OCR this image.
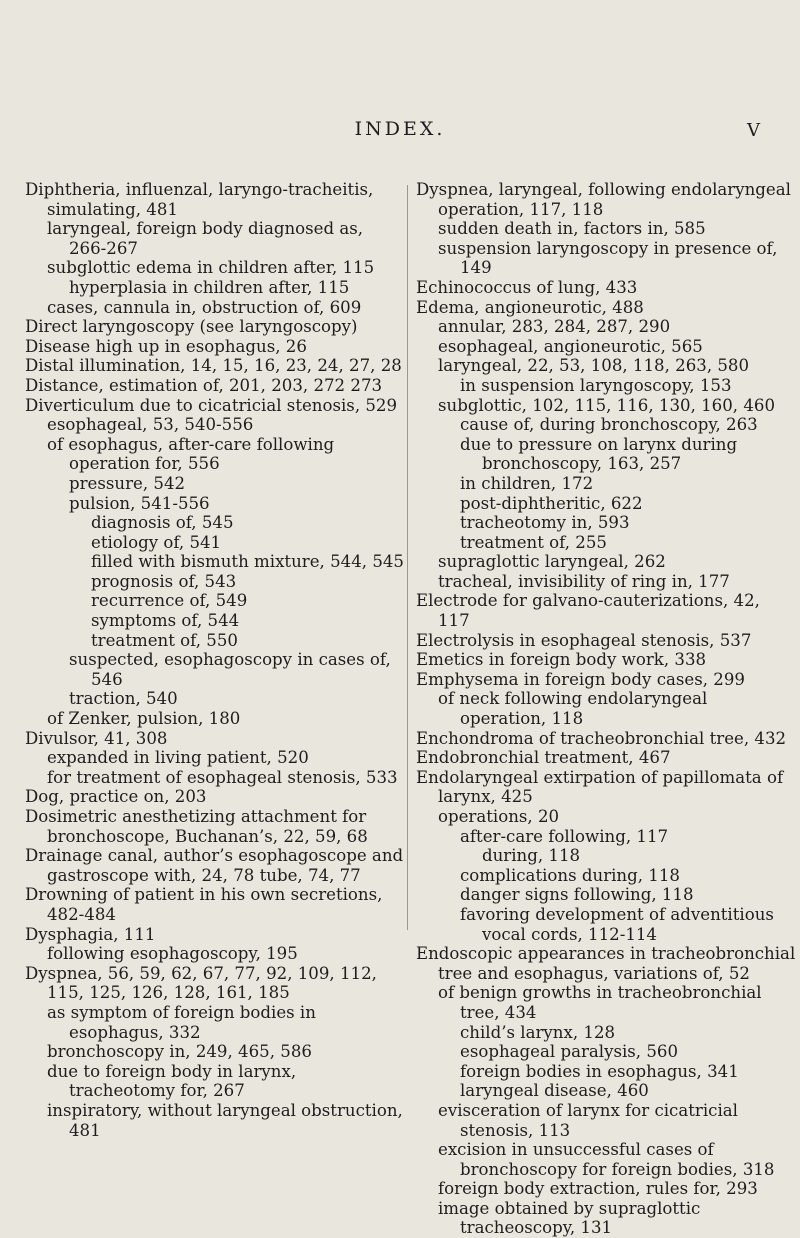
INDEX.	V

Diphtheria, influenzal, laryngo-tracheitis, simulating, 481

laryngeal, foreign body diagnosed as, 266-267

subglottic edema in children after, 115

hyperplasia in children after, 115

cases, cannula in, obstruction of, 609

Direct laryngoscopy (see laryngoscopy)

Disease high up in esophagus, 26

Distal illumination, 14, 15, 16, 23, 24, 27, 28

Distance, estimation of, 201, 203, 272 273

Diverticulum due to cicatricial stenosis, 529

esophageal, 53, 540-556

of esophagus, after-care following operation for, 556

pressure, 542

pulsion, 541-556

diagnosis of, 545

etiology of, 541

filled with bismuth mixture, 544, 545

prognosis of, 543

recurrence of, 549

symptoms of, 544

treatment of, 550

suspected, esophagoscopy in cases of, 546

traction, 540

of Zenker, pulsion, 180

Divulsor, 41, 308

expanded in living patient, 520

for treatment of esophageal stenosis, 533

Dog, practice on, 203

Dosimetric anesthetizing attachment for bronchoscope, Buchanan’s, 22, 59, 68

Drainage canal, author’s esophagoscope and gastroscope with, 24, 78 tube, 74, 77

Drowning of patient in his own secretions, 482-484

Dysphagia, 111

following esophagoscopy, 195

Dyspnea, 56, 59, 62, 67, 77, 92, 109, 112, 115, 125, 126, 128, 161, 185

as symptom of foreign bodies in esophagus, 332

bronchoscopy in, 249, 465, 586

due to foreign body in larynx, tracheotomy for, 267

inspiratory, without laryngeal obstruction, 481

Dyspnea, laryngeal, following endolaryngeal operation, 117, 118

sudden death in, factors in, 585

suspension laryngoscopy in presence of, 149

Echinococcus of lung, 433

Edema, angioneurotic, 488

annular, 283, 284, 287, 290

esophageal, angioneurotic, 565

laryngeal, 22, 53, 108, 118, 263, 580

in suspension laryngoscopy, 153

subglottic, 102, 115, 116, 130, 160, 460

cause of, during bronchoscopy, 263

due to pressure on larynx during bronchoscopy, 163, 257

in children, 172

post-diphtheritic, 622

tracheotomy in, 593

treatment of, 255

supraglottic laryngeal, 262

tracheal, invisibility of ring in, 177

Electrode for galvano-cauterizations, 42, 117

Electrolysis in esophageal stenosis, 537

Emetics in foreign body work, 338

Emphysema in foreign body cases, 299

of neck following endolaryngeal operation, 118

Enchondroma of tracheobronchial tree, 432

Endobronchial treatment, 467

Endolaryngeal extirpation of papillomata of larynx, 425

operations, 20

after-care following, 117

during, 118

complications during, 118

danger signs following, 118

favoring development of adventitious vocal cords, 112-114

Endoscopic appearances in tracheobronchial tree and esophagus, variations of, 52

of benign growths in tracheobronchial tree, 434

child’s larynx, 128

esophageal paralysis, 560

foreign bodies in esophagus, 341

laryngeal disease, 460

evisceration of larynx for cicatricial stenosis, 113

excision in unsuccessful cases of bronchoscopy for foreign bodies, 318

foreign body extraction, rules for, 293

image obtained by supraglottic tracheoscopy, 131
